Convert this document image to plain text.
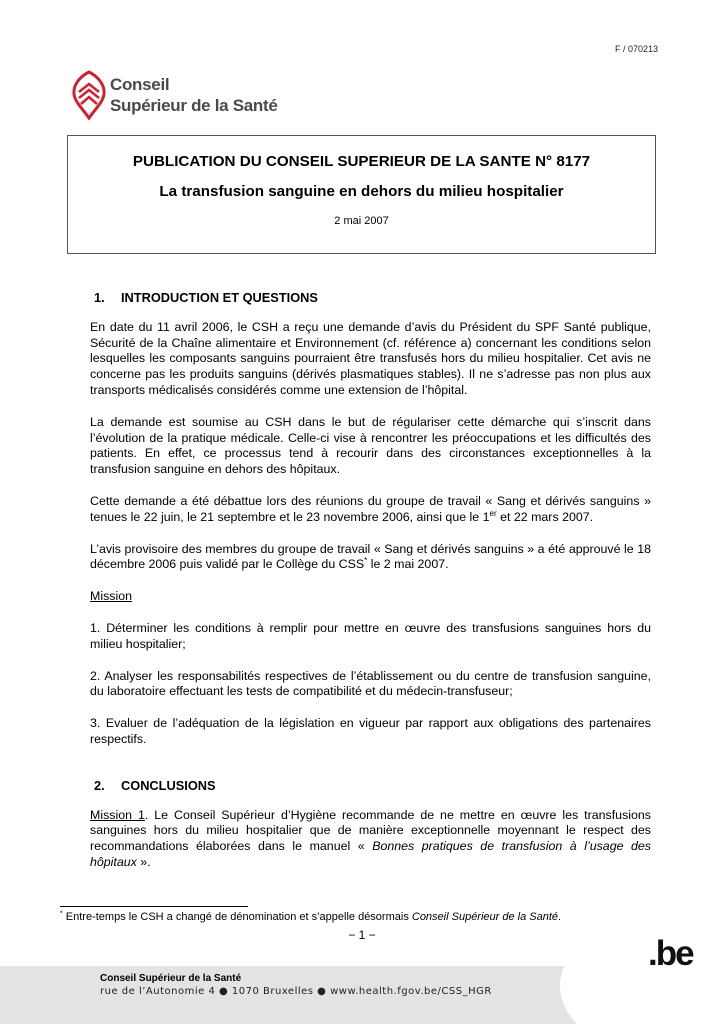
F / 070213
Conseil
Supérieur de la Santé
PUBLICATION DU CONSEIL SUPERIEUR DE LA SANTE N° 8177
La transfusion sanguine en dehors du milieu hospitalier
2 mai 2007
1. INTRODUCTION ET QUESTIONS

En date du 11 avril 2006, le CSH a reçu une demande d’avis du Président du SPF Santé publique, Sécurité de la Chaîne alimentaire et Environnement (cf. référence a) concernant les conditions selon lesquelles les composants sanguins pourraient être transfusés hors du milieu hospitalier. Cet avis ne concerne pas les produits sanguins (dérivés plasmatiques stables). Il ne s’adresse pas non plus aux transports médicalisés considérés comme une extension de l’hôpital.

La demande est soumise au CSH dans le but de régulariser cette démarche qui s’inscrit dans l’évolution de la pratique médicale. Celle-ci vise à rencontrer les préoccupations et les difficultés des patients. En effet, ce processus tend à recourir dans des circonstances exceptionnelles à la transfusion sanguine en dehors des hôpitaux.

Cette demande a été débattue lors des réunions du groupe de travail « Sang et dérivés sanguins » tenues le 22 juin, le 21 septembre et le 23 novembre 2006, ainsi que le 1er et 22 mars 2007.

L’avis provisoire des membres du groupe de travail « Sang et dérivés sanguins » a été approuvé le 18 décembre 2006 puis validé par le Collège du CSS* le 2 mai 2007.

Mission

1. Déterminer les conditions à remplir pour mettre en œuvre des transfusions sanguines hors du milieu hospitalier;

2. Analyser les responsabilités respectives de l’établissement ou du centre de transfusion sanguine, du laboratoire effectuant les tests de compatibilité et du médecin-transfuseur;

3. Evaluer de l’adéquation de la législation en vigueur par rapport aux obligations des partenaires respectifs.

2. CONCLUSIONS

Mission 1. Le Conseil Supérieur d’Hygiène recommande de ne mettre en œuvre les transfusions sanguines hors du milieu hospitalier que de manière exceptionnelle moyennant le respect des recommandations élaborées dans le manuel « Bonnes pratiques de transfusion à l’usage des hôpitaux ».

* Entre-temps le CSH a changé de dénomination et s’appelle désormais Conseil Supérieur de la Santé.
− 1 −
Conseil Supérieur de la Santé
rue de l’Autonomie 4 ● 1070 Bruxelles ● www.health.fgov.be/CSS_HGR
.be
